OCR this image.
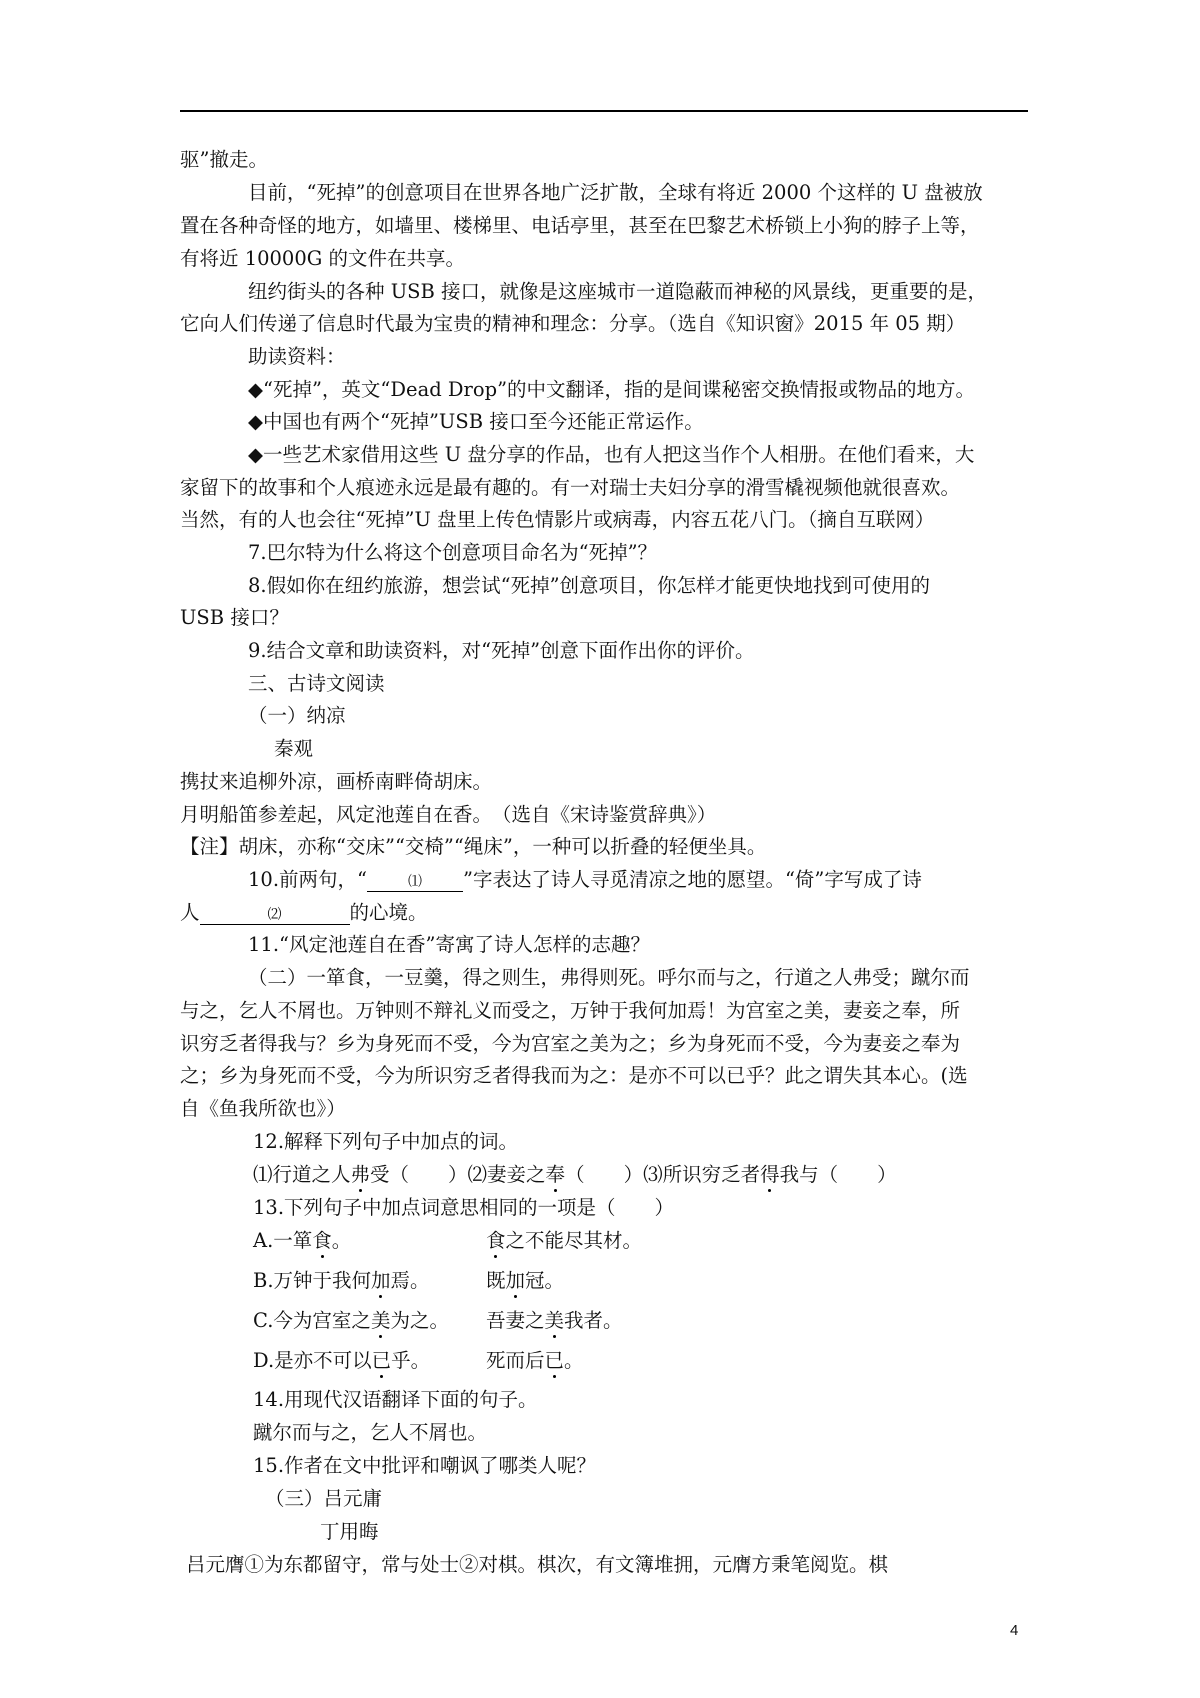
驱”撤走。
目前，“死掉”的创意项目在世界各地广泛扩散，全球有将近 2000 个这样的 U 盘被放
置在各种奇怪的地方，如墙里、楼梯里、电话亭里，甚至在巴黎艺术桥锁上小狗的脖子上等，
有将近 10000G 的文件在共享。
纽约街头的各种 USB 接口，就像是这座城市一道隐蔽而神秘的风景线，更重要的是，
它向人们传递了信息时代最为宝贵的精神和理念：分享。（选自《知识窗》2015 年 05 期）
助读资料：
◆“死掉”，英文“Dead Drop”的中文翻译，指的是间谍秘密交换情报或物品的地方。
◆中国也有两个“死掉”USB 接口至今还能正常运作。
◆一些艺术家借用这些 U 盘分享的作品，也有人把这当作个人相册。在他们看来，大
家留下的故事和个人痕迹永远是最有趣的。有一对瑞士夫妇分享的滑雪橇视频他就很喜欢。
当然，有的人也会往“死掉”U 盘里上传色情影片或病毒，内容五花八门。（摘自互联网）
7.巴尔特为什么将这个创意项目命名为“死掉”？
8.假如你在纽约旅游，想尝试“死掉”创意项目，你怎样才能更快地找到可使用的
USB 接口？
9.结合文章和助读资料，对“死掉”创意下面作出你的评价。
三、古诗文阅读
（一）纳凉
秦观
携扙来追柳外凉，画桥南畔倚胡床。
月明船笛参差起，风定池莲自在香。　（选自《宋诗鉴赏辞典》）
【注】胡床，亦称“交床”“交椅”“绳床”，一种可以折叠的轻便坐具。
10.前两句，“	⑴ ”字表达了诗人寻觅清凉之地的愿望。“倚”字写成了诗
人	⑵	的心境。
11.“风定池莲自在香”寄寓了诗人怎样的志趣？
（二）一箪食，一豆羹，得之则生，弗得则死。呼尔而与之，行道之人弗受；蹴尔而
与之，乞人不屑也。万钟则不辩礼义而受之，万钟于我何加焉！为宫室之美，妻妾之奉，所
识穷乏者得我与？乡为身死而不受，今为宫室之美为之；乡为身死而不受，今为妻妾之奉为
之；乡为身死而不受，今为所识穷乏者得我而为之：是亦不可以已乎？此之谓失其本心。(选
自《鱼我所欲也》）
12.解释下列句子中加点的词。
⑴行道之人弗受（　　）⑵妻妾之奉（　　）⑶所识穷乏者得我与（　　）
13.下列句子中加点词意思相同的一项是（　　）
A.一箪食。	食之不能尽其材。
B.万钟于我何加焉。	既加冠。
C.今为宫室之美为之。 吾妻之美我者。
D.是亦不可以已乎。	死而后已。
14.用现代汉语翻译下面的句子。
蹴尔而与之，乞人不屑也。
15.作者在文中批评和嘲讽了哪类人呢？
（三）吕元庸
丁用晦
吕元膺①为东都留守，常与处士②对棋。棋次，有文簿堆拥，元膺方秉笔阅览。棋
4
